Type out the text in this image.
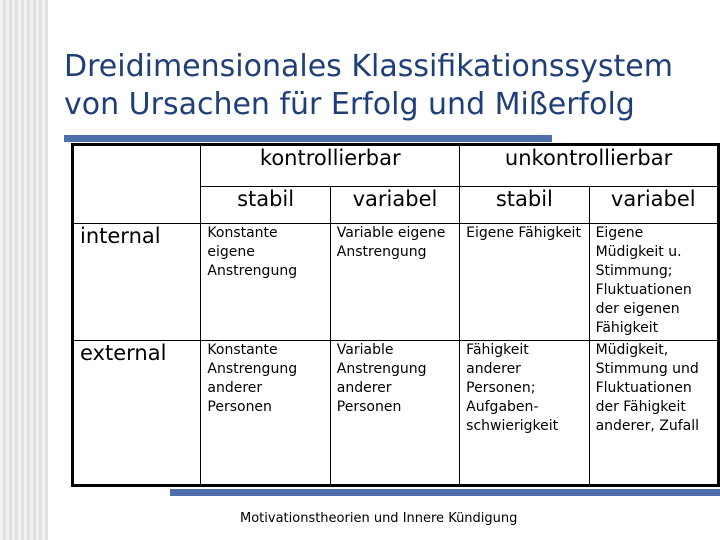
Dreidimensionales Klassifikationssystem
von Ursachen für Erfolg und Mißerfolg
	kontrollierbar		unkontrollierbar	
	stabil	variabel	stabil	variabel
internal	Konstante eigene Anstrengung	Variable eigene Anstrengung	Eigene Fähigkeit	Eigene Müdigkeit u. Stimmung; Fluktuationen der eigenen Fähigkeit
external	Konstante Anstrengung anderer Personen	Variable Anstrengung anderer Personen	Fähigkeit anderer Personen; Aufgaben-schwierigkeit	Müdigkeit, Stimmung und Fluktuationen der Fähigkeit anderer, Zufall
Motivationstheorien und Innere Kündigung
